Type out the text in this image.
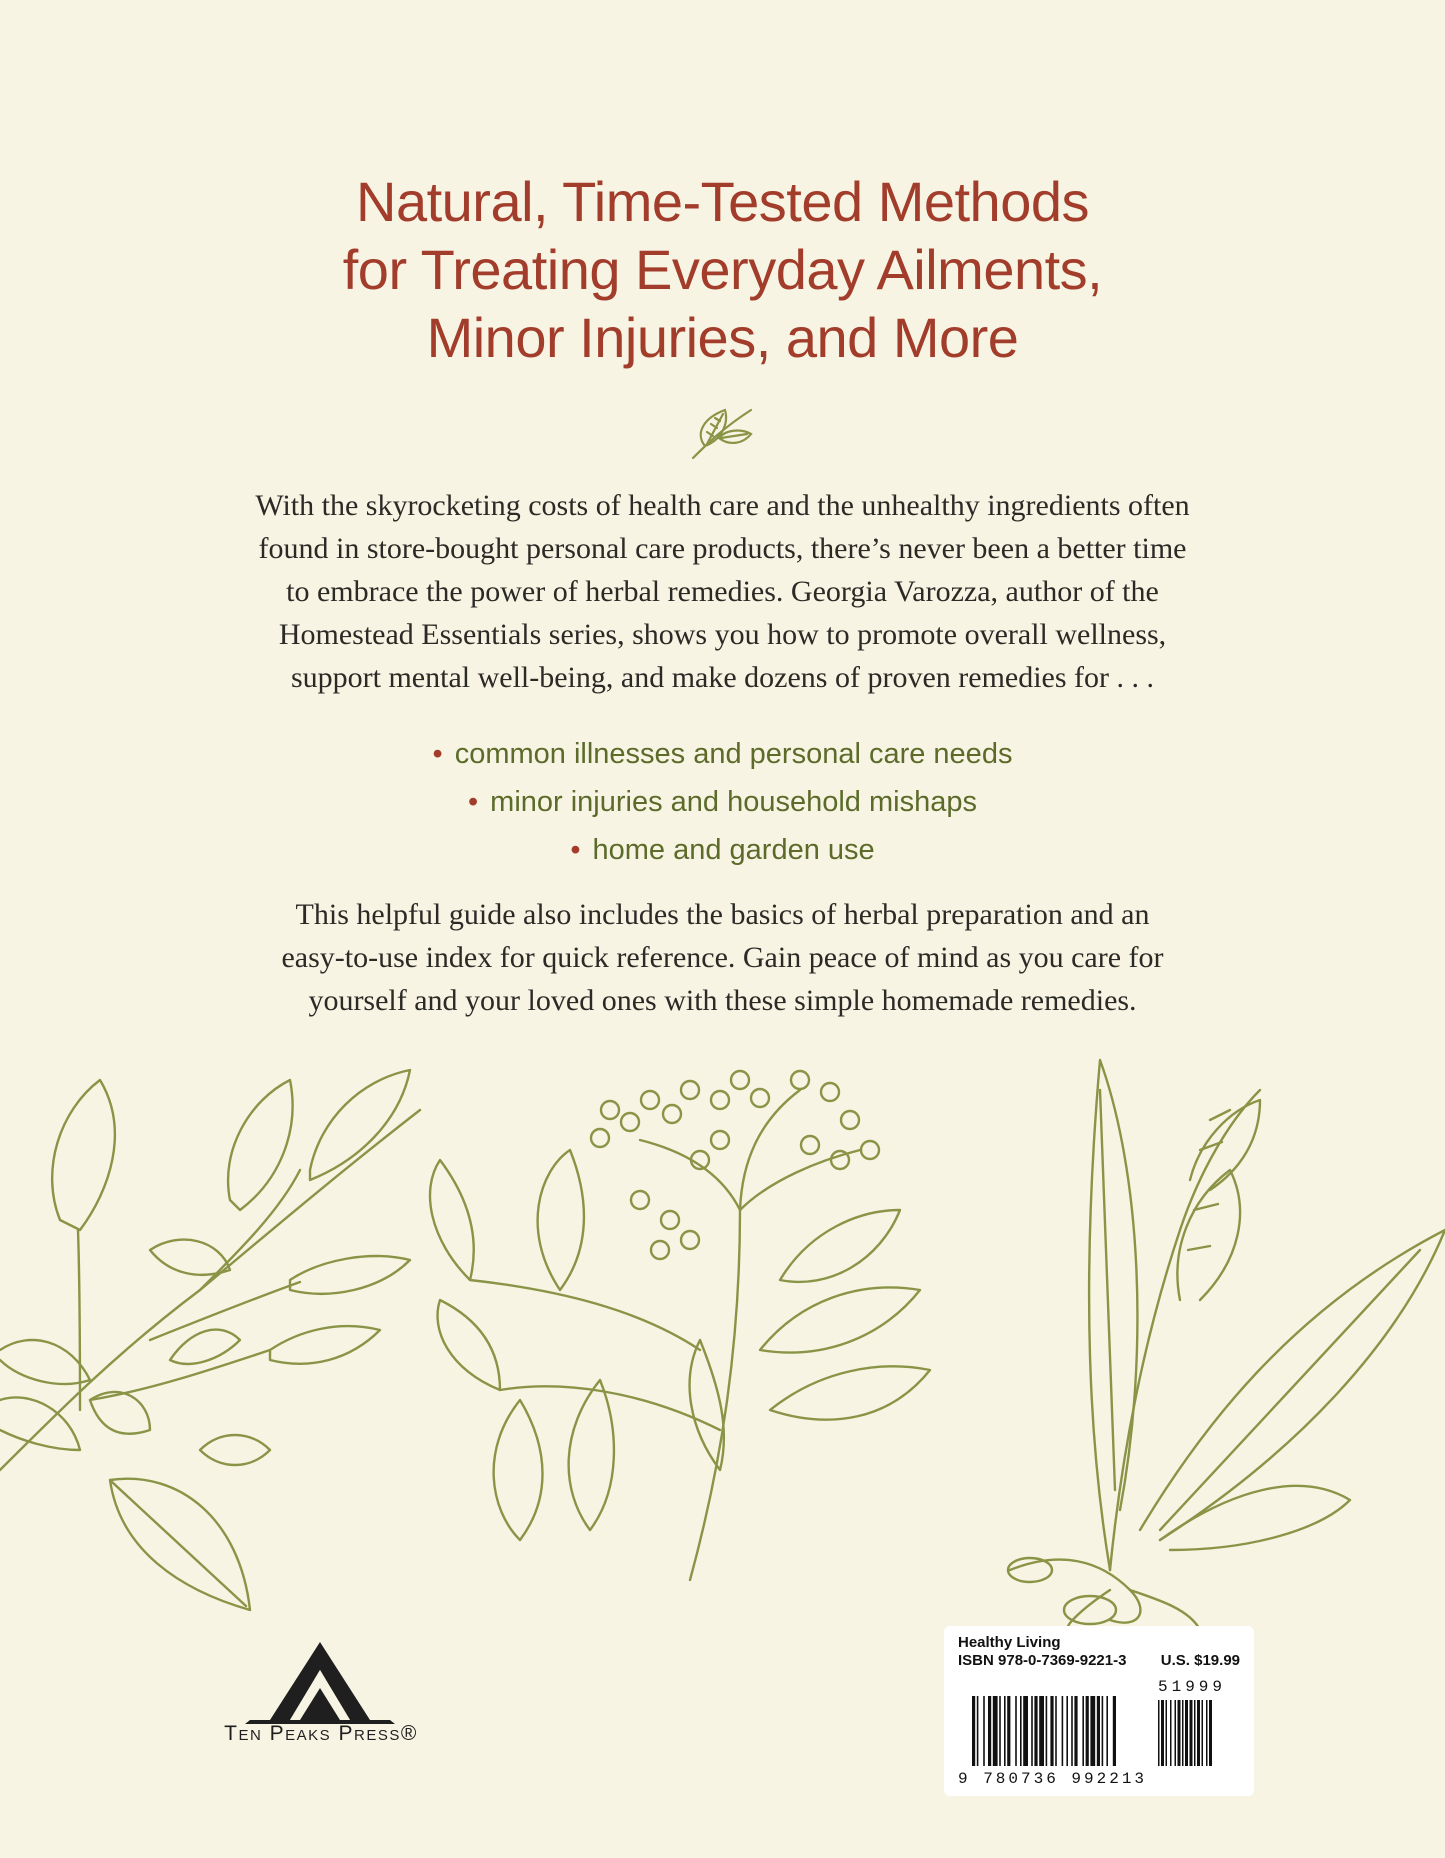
Natural, Time-Tested Methods
for Treating Everyday Ailments,
Minor Injuries, and More
With the skyrocketing costs of health care and the unhealthy ingredients often
found in store-bought personal care products, there’s never been a better time
to embrace the power of herbal remedies. Georgia Varozza, author of the
Homestead Essentials series, shows you how to promote overall wellness,
support mental well-being, and make dozens of proven remedies for . . .
• common illnesses and personal care needs
• minor injuries and household mishaps
• home and garden use
This helpful guide also includes the basics of herbal preparation and an
easy-to-use index for quick reference. Gain peace of mind as you care for
yourself and your loved ones with these simple homemade remedies.
Ten Peaks Press®
Healthy Living
ISBN 978-0-7369-9221-3 U.S. $19.99
9 780736 992213
51999
